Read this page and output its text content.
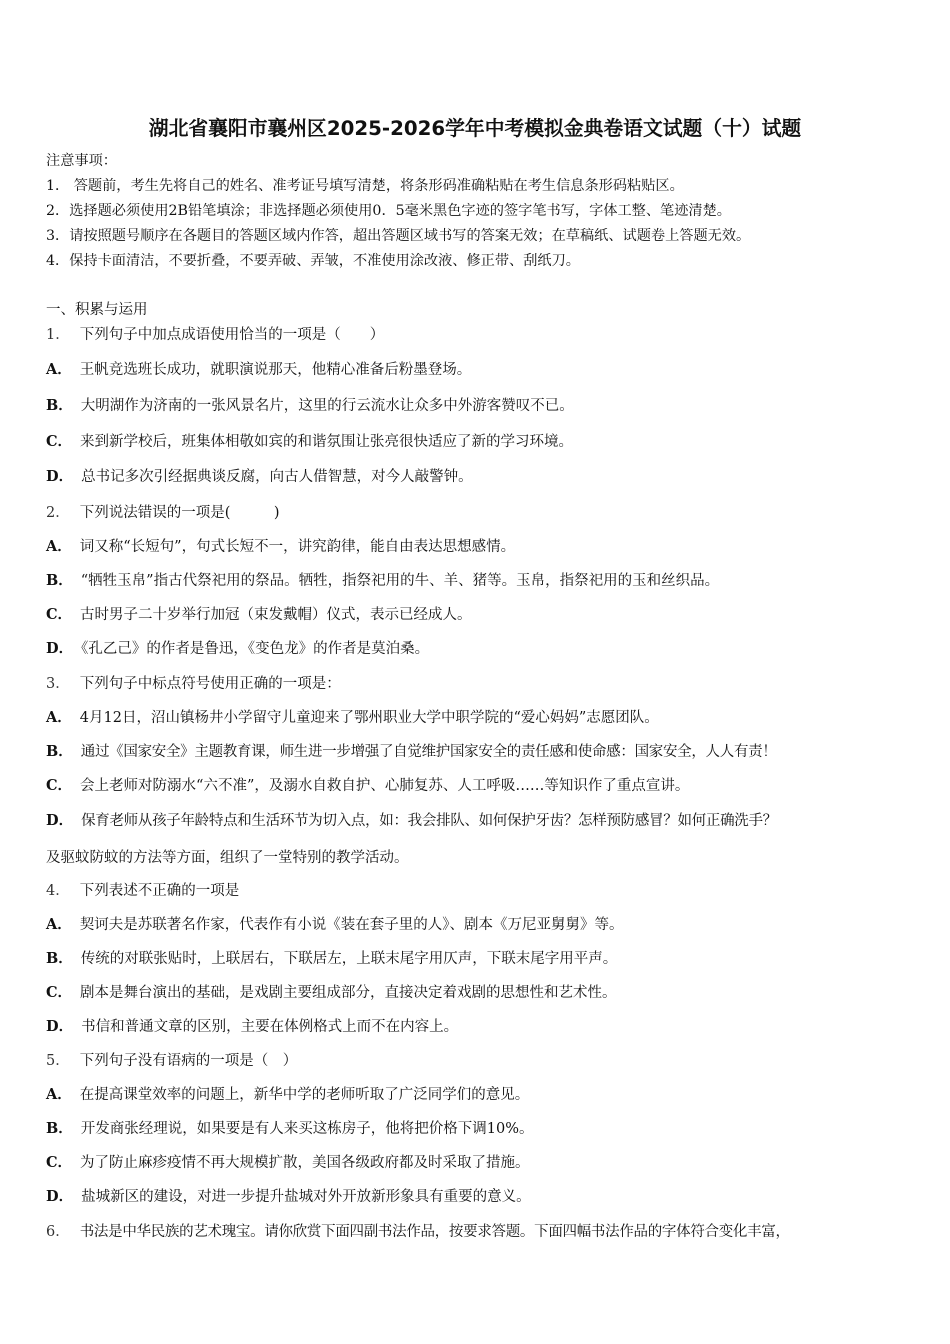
湖北省襄阳市襄州区2025-2026学年中考模拟金典卷语文试题（十）试题
注意事项：
1． 答题前，考生先将自己的姓名、准考证号填写清楚，将条形码准确粘贴在考生信息条形码粘贴区。
2．选择题必须使用2B铅笔填涂；非选择题必须使用0．5毫米黑色字迹的签字笔书写，字体工整、笔迹清楚。
3．请按照题号顺序在各题目的答题区域内作答，超出答题区域书写的答案无效；在草稿纸、试题卷上答题无效。
4．保持卡面清洁，不要折叠，不要弄破、弄皱，不准使用涂改液、修正带、刮纸刀。
一、积累与运用
1． 下列句子中加点成语使用恰当的一项是（　　）
A． 王帆竞选班长成功，就职演说那天，他精心准备后粉墨登场。
B． 大明湖作为济南的一张风景名片，这里的行云流水让众多中外游客赞叹不已。
C． 来到新学校后，班集体相敬如宾的和谐氛围让张亮很快适应了新的学习环境。
D． 总书记多次引经据典谈反腐，向古人借智慧，对今人敲警钟。
2． 下列说法错误的一项是(　　　)
A． 词又称“长短句”，句式长短不一，讲究韵律，能自由表达思想感情。
B． “牺牲玉帛”指古代祭祀用的祭品。牺牲，指祭祀用的牛、羊、猪等。玉帛，指祭祀用的玉和丝织品。
C． 古时男子二十岁举行加冠（束发戴帽）仪式，表示已经成人。
D． 《孔乙己》的作者是鲁迅，《变色龙》的作者是莫泊桑。
3． 下列句子中标点符号使用正确的一项是：
A． 4月12日，沼山镇杨井小学留守儿童迎来了鄂州职业大学中职学院的“爱心妈妈”志愿团队。
B． 通过《国家安全》主题教育课，师生进一步增强了自觉维护国家安全的责任感和使命感：国家安全，人人有责！
C． 会上老师对防溺水“六不准”，及溺水自救自护、心肺复苏、人工呼吸……等知识作了重点宣讲。
D． 保育老师从孩子年龄特点和生活环节为切入点，如：我会排队、如何保护牙齿？怎样预防感冒？如何正确洗手？
及驱蚊防蚊的方法等方面，组织了一堂特别的教学活动。
4． 下列表述不正确的一项是
A． 契诃夫是苏联著名作家，代表作有小说《装在套子里的人》、剧本《万尼亚舅舅》等。
B． 传统的对联张贴时，上联居右，下联居左，上联末尾字用仄声，下联末尾字用平声。
C． 剧本是舞台演出的基础，是戏剧主要组成部分，直接决定着戏剧的思想性和艺术性。
D． 书信和普通文章的区别，主要在体例格式上而不在内容上。
5． 下列句子没有语病的一项是（　）
A． 在提高课堂效率的问题上，新华中学的老师听取了广泛同学们的意见。
B． 开发商张经理说，如果要是有人来买这栋房子，他将把价格下调10%。
C． 为了防止麻疹疫情不再大规模扩散，美国各级政府都及时采取了措施。
D． 盐城新区的建设，对进一步提升盐城对外开放新形象具有重要的意义。
6． 书法是中华民族的艺术瑰宝。请你欣赏下面四副书法作品，按要求答题。下面四幅书法作品的字体符合变化丰富，
